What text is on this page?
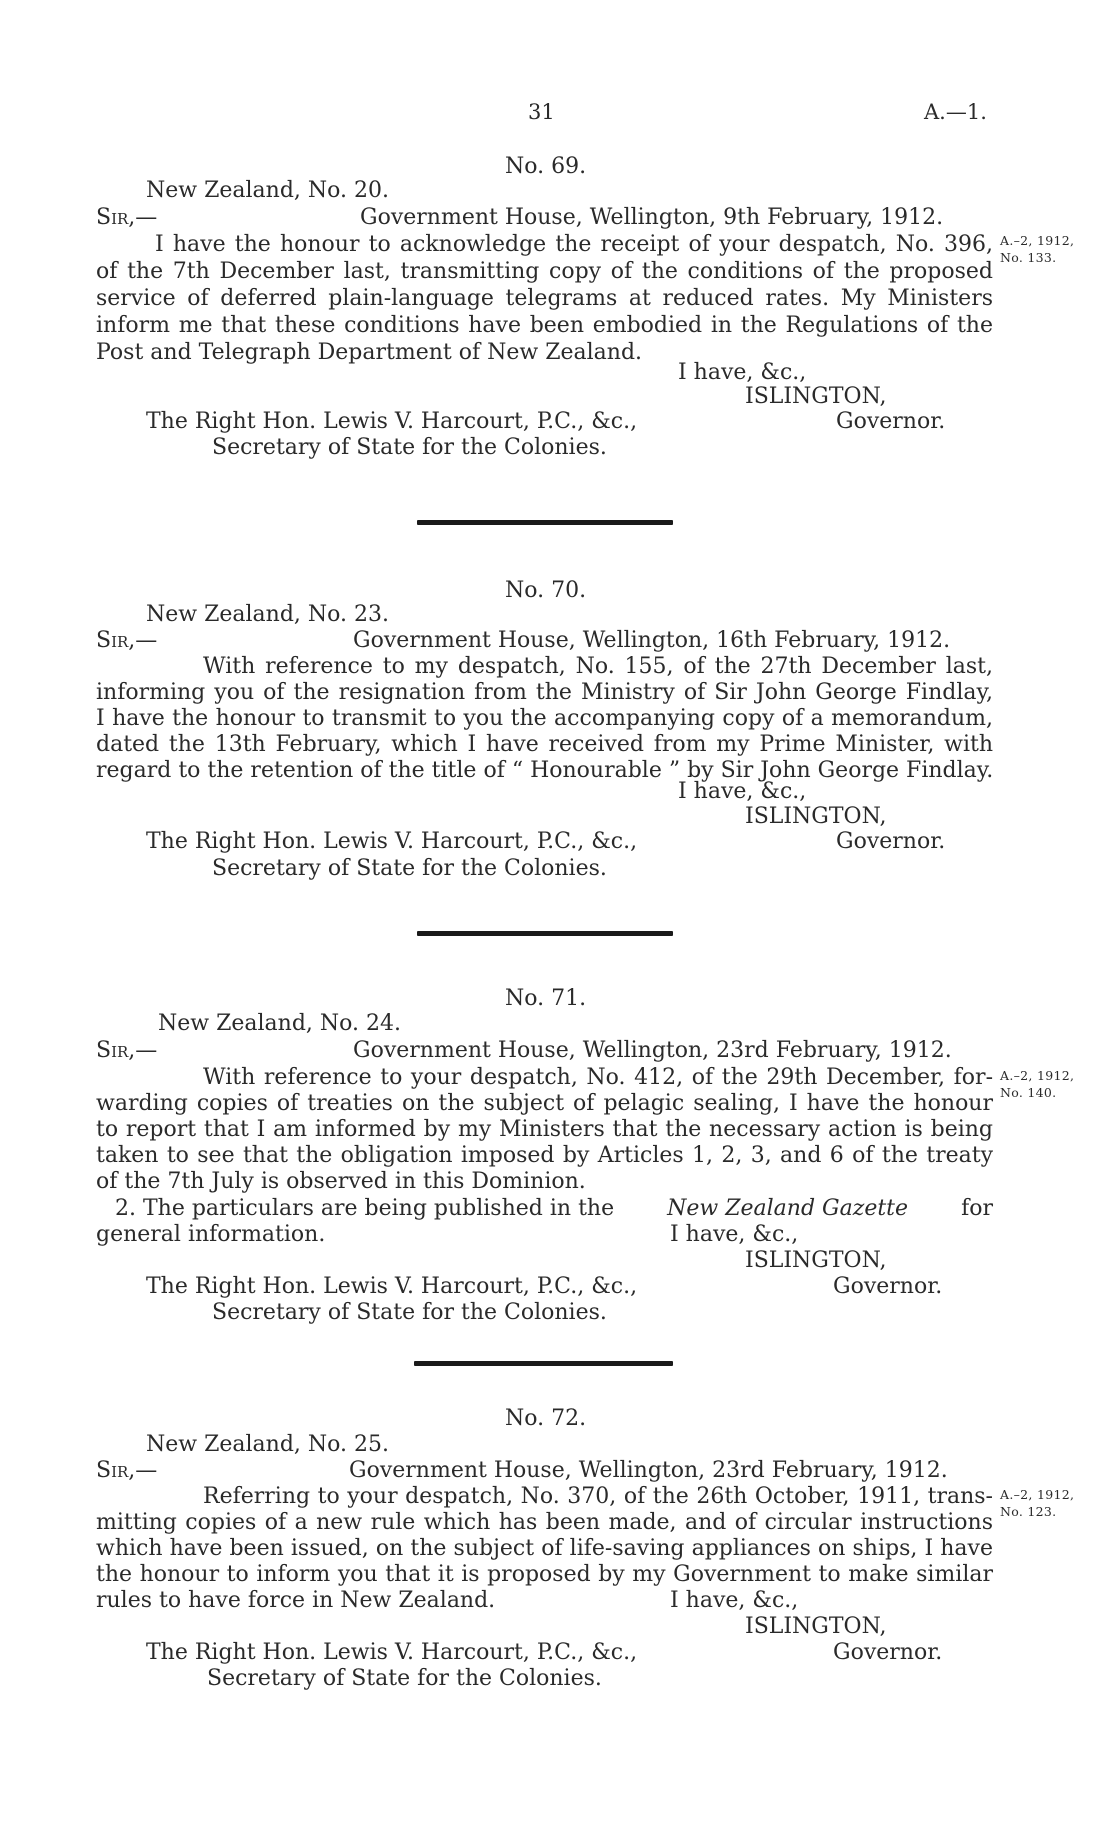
31	A.—1.
No. 69.
New Zealand, No. 20.
Sir,—	Government House, Wellington, 9th February, 1912.
I have the honour to acknowledge the receipt of your despatch, No. 396,
of the 7th December last, transmitting copy of the conditions of the proposed
service of deferred plain-language telegrams at reduced rates. My Ministers
inform me that these conditions have been embodied in the Regulations of the
Post and Telegraph Department of New Zealand.
A.–2, 1912,
No. 133.
I have, &c.,
ISLINGTON,
Governor.
The Right Hon. Lewis V. Harcourt, P.C., &c.,
Secretary of State for the Colonies.
No. 70.
New Zealand, No. 23.
Sir,—	Government House, Wellington, 16th February, 1912.
With reference to my despatch, No. 155, of the 27th December last,
informing you of the resignation from the Ministry of Sir John George Findlay,
I have the honour to transmit to you the accompanying copy of a memorandum,
dated the 13th February, which I have received from my Prime Minister, with
regard to the retention of the title of “ Honourable ” by Sir John George Findlay.
I have, &c.,
ISLINGTON,
Governor.
The Right Hon. Lewis V. Harcourt, P.C., &c.,
Secretary of State for the Colonies.
No. 71.
New Zealand, No. 24.
Sir,—	Government House, Wellington, 23rd February, 1912.
With reference to your despatch, No. 412, of the 29th December, for-
warding copies of treaties on the subject of pelagic sealing, I have the honour
to report that I am informed by my Ministers that the necessary action is being
taken to see that the obligation imposed by Articles 1, 2, 3, and 6 of the treaty
of the 7th July is observed in this Dominion.
2. The particulars are being published in the New Zealand Gazette for
general information.
A.–2, 1912,
No. 140.
I have, &c.,
ISLINGTON,
Governor.
The Right Hon. Lewis V. Harcourt, P.C., &c.,
Secretary of State for the Colonies.
No. 72.
New Zealand, No. 25.
Sir,—	Government House, Wellington, 23rd February, 1912.
Referring to your despatch, No. 370, of the 26th October, 1911, trans-
mitting copies of a new rule which has been made, and of circular instructions
which have been issued, on the subject of life-saving appliances on ships, I have
the honour to inform you that it is proposed by my Government to make similar
rules to have force in New Zealand.
A.–2, 1912,
No. 123.
I have, &c.,
ISLINGTON,
Governor.
The Right Hon. Lewis V. Harcourt, P.C., &c.,
Secretary of State for the Colonies.
